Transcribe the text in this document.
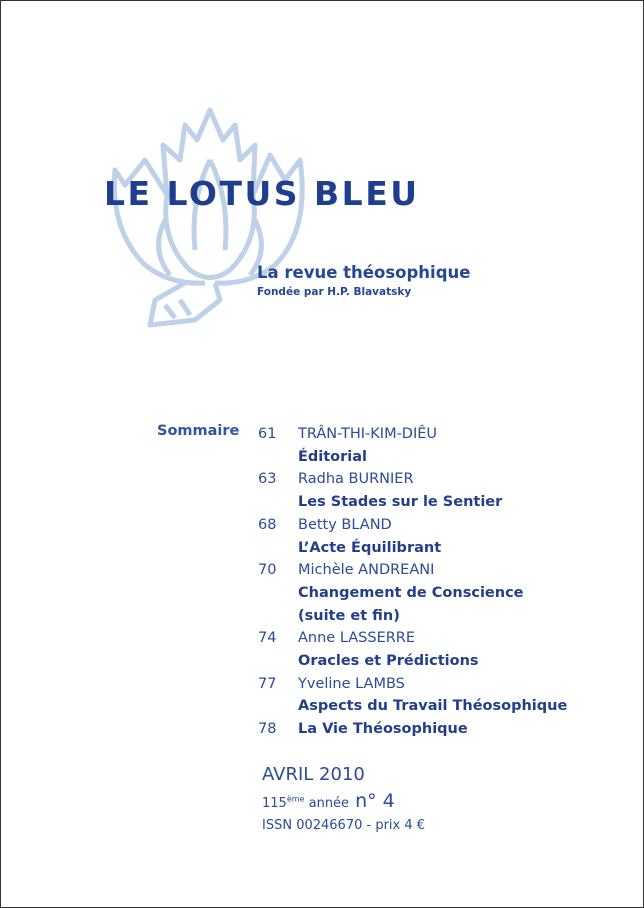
LE LOTUS BLEU
La revue théosophique
Fondée par H.P. Blavatsky
Sommaire 61	TRÂN-THI-KIM-DIÊU
Éditorial
63	Radha BURNIER
Les Stades sur le Sentier
68	Betty BLAND
L’Acte Équilibrant
70	Michèle ANDREANI
Changement de Conscience
(suite et fin)
74	Anne LASSERRE
Oracles et Prédictions
77	Yveline LAMBS
Aspects du Travail Théosophique
78	La Vie Théosophique
AVRIL 2010
115ème année n° 4
ISSN 00246670 - prix 4 €
